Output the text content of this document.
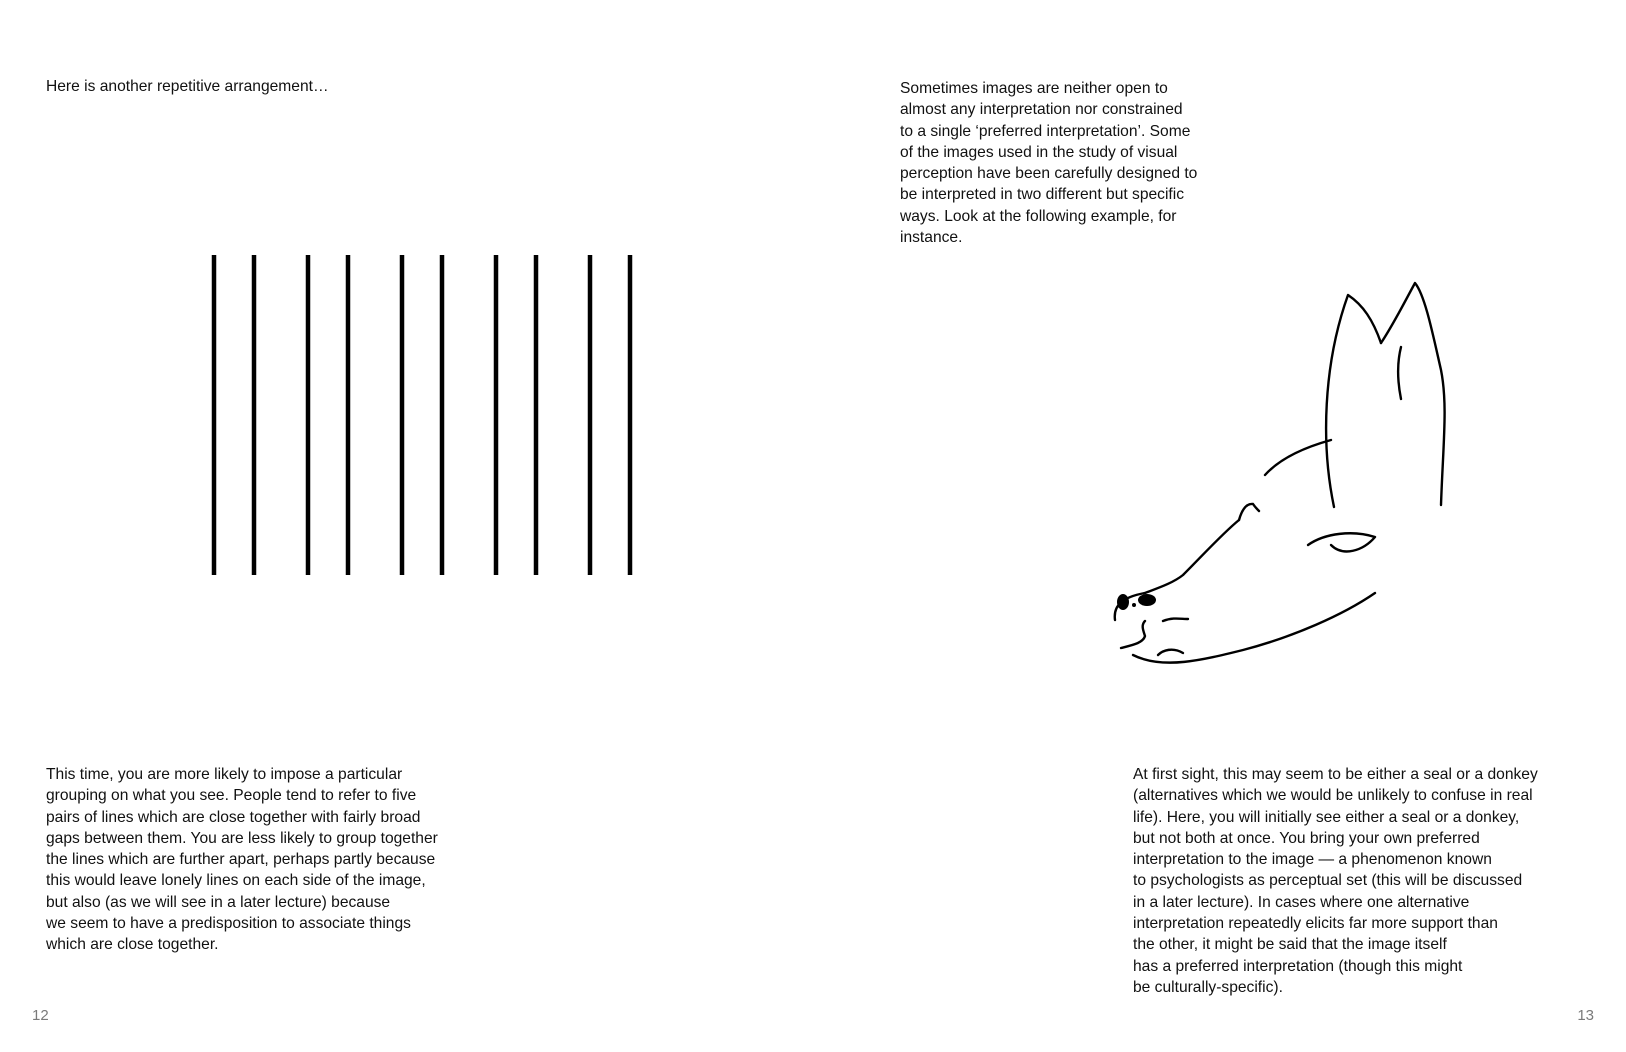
Here is another repetitive arrangement…

This time, you are more likely to impose a particular
grouping on what you see. People tend to refer to five
pairs of lines which are close together with fairly broad
gaps between them. You are less likely to group together
the lines which are further apart, perhaps partly because
this would leave lonely lines on each side of the image,
but also (as we will see in a later lecture) because
we seem to have a predisposition to associate things
which are close together.

12

Sometimes images are neither open to
almost any interpretation nor constrained
to a single ‘preferred interpretation’. Some
of the images used in the study of visual
perception have been carefully designed to
be interpreted in two different but specific
ways. Look at the following example, for
instance.

At first sight, this may seem to be either a seal or a donkey
(alternatives which we would be unlikely to confuse in real
life). Here, you will initially see either a seal or a donkey,
but not both at once. You bring your own preferred
interpretation to the image — a phenomenon known
to psychologists as perceptual set (this will be discussed
in a later lecture). In cases where one alternative
interpretation repeatedly elicits far more support than
the other, it might be said that the image itself
has a preferred interpretation (though this might
be culturally-specific).

13
